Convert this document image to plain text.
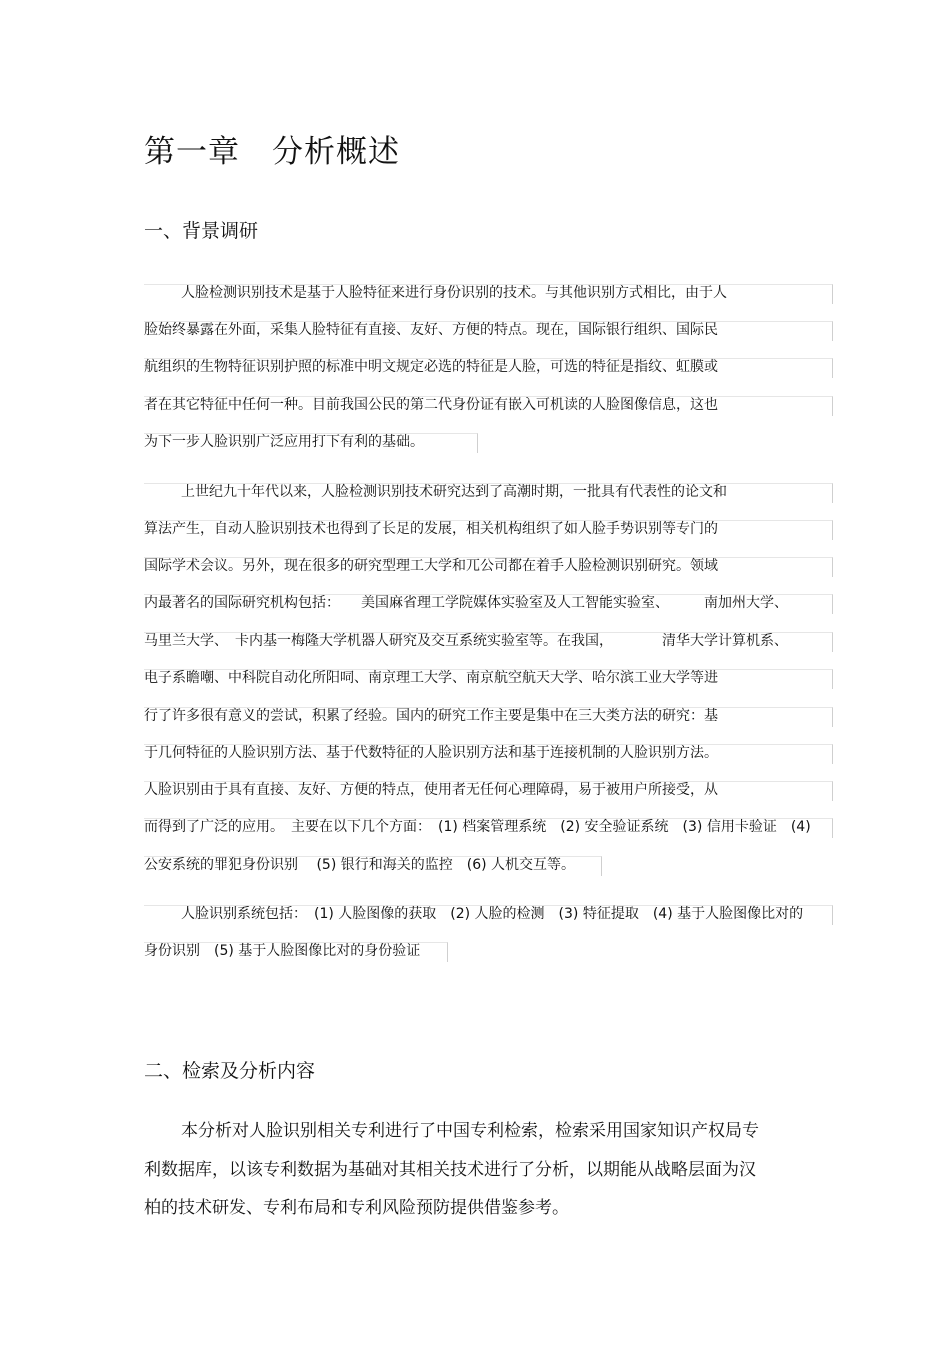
第一章　分析概述
一、背景调研
人脸检测识别技术是基于人脸特征来进行身份识别的技术。与其他识别方式相比，由于人
脸始终暴露在外面，采集人脸特征有直接、友好、方便的特点。现在，国际银行组织、国际民
航组织的生物特征识别护照的标准中明文规定必选的特征是人脸，可选的特征是指纹、虹膜或
者在其它特征中任何一种。目前我国公民的第二代身份证有嵌入可机读的人脸图像信息，这也
为下一步人脸识别广泛应用打下有利的基础。
上世纪九十年代以来，人脸检测识别技术研究达到了高潮时期，一批具有代表性的论文和
算法产生，自动人脸识别技术也得到了长足的发展，相关机构组织了如人脸手势识别等专门的
国际学术会议。另外，现在很多的研究型理工大学和兀公司都在着手人脸检测识别研究。领域
内最著名的国际研究机构包括：　　美国麻省理工学院媒体实验室及人工智能实验室、　　　南加州大学、
马里兰大学、　卡内基一梅隆大学机器人研究及交互系统实验室等。在我国，　　　　清华大学计算机系、
电子系瞻嘲、中科院自动化所阳呞、南京理工大学、南京航空航天大学、哈尔滨工业大学等进
行了许多很有意义的尝试，积累了经验。国内的研究工作主要是集中在三大类方法的研究：基
于几何特征的人脸识别方法、基于代数特征的人脸识别方法和基于连接机制的人脸识别方法。
人脸识别由于具有直接、友好、方便的特点，使用者无任何心理障碍，易于被用户所接受，从
而得到了广泛的应用。　主要在以下几个方面：　(1) 档案管理系统　(2) 安全验证系统　(3) 信用卡验证　(4)
公安系统的罪犯身份识别　 (5) 银行和海关的监控　(6) 人机交互等。
人脸识别系统包括：　(1) 人脸图像的获取　(2) 人脸的检测　(3) 特征提取　(4) 基于人脸图像比对的
身份识别　(5) 基于人脸图像比对的身份验证
二、检索及分析内容
本分析对人脸识别相关专利进行了中国专利检索，检索采用国家知识产权局专
利数据库，以该专利数据为基础对其相关技术进行了分析，以期能从战略层面为汉
柏的技术研发、专利布局和专利风险预防提供借鉴参考。
